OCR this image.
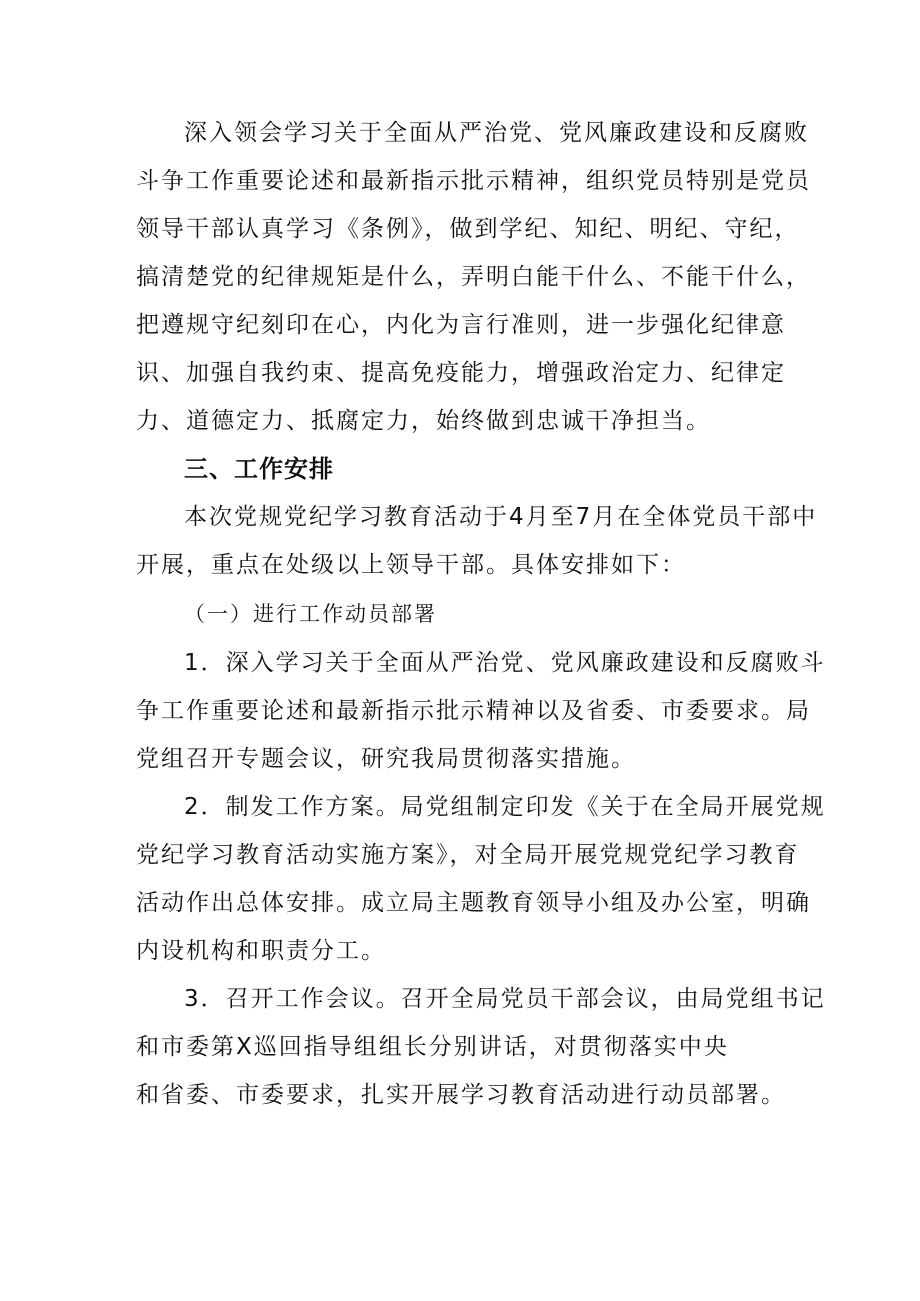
深入领会学习关于全面从严治党、党风廉政建设和反腐败
斗争工作重要论述和最新指示批示精神，组织党员特别是党员
领导干部认真学习《条例》，做到学纪、知纪、明纪、守纪，
搞清楚党的纪律规矩是什么，弄明白能干什么、不能干什么，
把遵规守纪刻印在心，内化为言行准则，进一步强化纪律意
识、加强自我约束、提高免疫能力，增强政治定力、纪律定
力、道德定力、抵腐定力，始终做到忠诚干净担当。
三、工作安排
本次党规党纪学习教育活动于4月至7月在全体党员干部中
开展，重点在处级以上领导干部。具体安排如下：
（一）进行工作动员部署
1．深入学习关于全面从严治党、党风廉政建设和反腐败斗
争工作重要论述和最新指示批示精神以及省委、市委要求。局
党组召开专题会议，研究我局贯彻落实措施。
2．制发工作方案。局党组制定印发《关于在全局开展党规
党纪学习教育活动实施方案》，对全局开展党规党纪学习教育
活动作出总体安排。成立局主题教育领导小组及办公室，明确
内设机构和职责分工。
3．召开工作会议。召开全局党员干部会议，由局党组书记
和市委第X巡回指导组组长分别讲话，对贯彻落实中央
和省委、市委要求，扎实开展学习教育活动进行动员部署。
